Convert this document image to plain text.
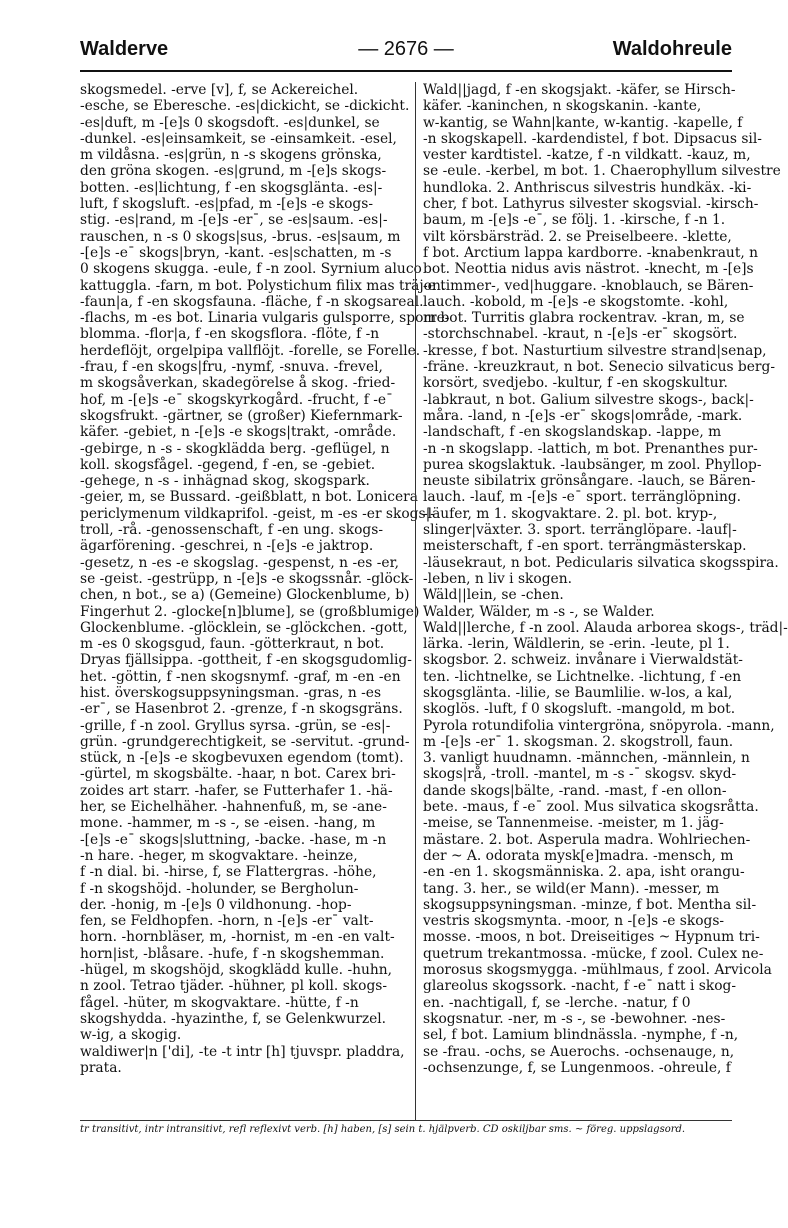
Walderve	— 2676 —	Waldohreule
skogsmedel. -erve [v], f, se Ackereichel.
-esche, se Eberesche. -es|dickicht, se -dickicht.
-es|duft, m -[e]s 0 skogsdoft. -es|dunkel, se
-dunkel. -es|einsamkeit, se -einsamkeit. -esel,
m vildåsna. -es|grün, n -s skogens grönska,
den gröna skogen. -es|grund, m -[e]s skogs-
botten. -es|lichtung, f -en skogsglänta. -es|-
luft, f skogsluft. -es|pfad, m -[e]s -e skogs-
stig. -es|rand, m -[e]s -erˉ, se -es|saum. -es|-
rauschen, n -s 0 skogs|sus, -brus. -es|saum, m
-[e]s -eˉ skogs|bryn, -kant. -es|schatten, m -s
0 skogens skugga. -eule, f -n zool. Syrnium aluco
kattuggla. -farn, m bot. Polystichum filix mas träjon.
-faun|a, f -en skogsfauna. -fläche, f -n skogsareal.
-flachs, m -es bot. Linaria vulgaris gulsporre, sporre-
blomma. -flor|a, f -en skogsflora. -flöte, f -n
herdeflöjt, orgelpipa vallflöjt. -forelle, se Forelle.
-frau, f -en skogs|fru, -nymf, -snuva. -frevel,
m skogsåverkan, skadegörelse å skog. -fried-
hof, m -[e]s -eˉ skogskyrkogård. -frucht, f -eˉ
skogsfrukt. -gärtner, se (großer) Kiefernmark-
käfer. -gebiet, n -[e]s -e skogs|trakt, -område.
-gebirge, n -s - skogklädda berg. -geflügel, n
koll. skogsfågel. -gegend, f -en, se -gebiet.
-gehege, n -s - inhägnad skog, skogspark.
-geier, m, se Bussard. -geißblatt, n bot. Lonicera
periclymenum vildkaprifol. -geist, m -es -er skogs|-
troll, -rå. -genossenschaft, f -en ung. skogs-
ägarförening. -geschrei, n -[e]s -e jaktrop.
-gesetz, n -es -e skogslag. -gespenst, n -es -er,
se -geist. -gestrüpp, n -[e]s -e skogssnår. -glöck-
chen, n bot., se a) (Gemeine) Glockenblume, b)
Fingerhut 2. -glocke[n]blume], se (großblumige)
Glockenblume. -glöcklein, se -glöckchen. -gott,
m -es 0 skogsgud, faun. -götterkraut, n bot.
Dryas fjällsippa. -gottheit, f -en skogsgudomlig-
het. -göttin, f -nen skogsnymf. -graf, m -en -en
hist. överskogsuppsyningsman. -gras, n -es
-erˉ, se Hasenbrot 2. -grenze, f -n skogsgräns.
-grille, f -n zool. Gryllus syrsa. -grün, se -es|-
grün. -grundgerechtigkeit, se -servitut. -grund-
stück, n -[e]s -e skogbevuxen egendom (tomt).
-gürtel, m skogsbälte. -haar, n bot. Carex bri-
zoides art starr. -hafer, se Futterhafer 1. -hä-
her, se Eichelhäher. -hahnenfuß, m, se -ane-
mone. -hammer, m -s -, se -eisen. -hang, m
-[e]s -eˉ skogs|sluttning, -backe. -hase, m -n
-n hare. -heger, m skogvaktare. -heinze,
f -n dial. bi. -hirse, f, se Flattergras. -höhe,
f -n skogshöjd. -holunder, se Bergholun-
der. -honig, m -[e]s 0 vildhonung. -hop-
fen, se Feldhopfen. -horn, n -[e]s -erˉ valt-
horn. -hornbläser, m, -hornist, m -en -en valt-
horn|ist, -blåsare. -hufe, f -n skogshemman.
-hügel, m skogshöjd, skogklädd kulle. -huhn,
n zool. Tetrao tjäder. -hühner, pl koll. skogs-
fågel. -hüter, m skogvaktare. -hütte, f -n
skogshydda. -hyazinthe, f, se Gelenkwurzel.
w-ig, a skogig.
waldiwer|n ['di], -te -t intr [h] tjuvspr. pladdra,
prata.
Wald||jagd, f -en skogsjakt. -käfer, se Hirsch-
käfer. -kaninchen, n skogskanin. -kante,
w-kantig, se Wahn|kante, w-kantig. -kapelle, f
-n skogskapell. -kardendistel, f bot. Dipsacus sil-
vester kardtistel. -katze, f -n vildkatt. -kauz, m,
se -eule. -kerbel, m bot. 1. Chaerophyllum silvestre
hundloka. 2. Anthriscus silvestris hundkäx. -ki-
cher, f bot. Lathyrus silvester skogsvial. -kirsch-
baum, m -[e]s -eˉ, se följ. 1. -kirsche, f -n 1.
vilt körsbärsträd. 2. se Preiselbeere. -klette,
f bot. Arctium lappa kardborre. -knabenkraut, n
bot. Neottia nidus avis nästrot. -knecht, m -[e]s
-e timmer-, ved|huggare. -knoblauch, se Bären-
lauch. -kobold, m -[e]s -e skogstomte. -kohl,
m bot. Turritis glabra rockentrav. -kran, m, se
-storchschnabel. -kraut, n -[e]s -erˉ skogsört.
-kresse, f bot. Nasturtium silvestre strand|senap,
-fräne. -kreuzkraut, n bot. Senecio silvaticus berg-
korsört, svedjebo. -kultur, f -en skogskultur.
-labkraut, n bot. Galium silvestre skogs-, back|-
måra. -land, n -[e]s -erˉ skogs|område, -mark.
-landschaft, f -en skogslandskap. -lappe, m
-n -n skogslapp. -lattich, m bot. Prenanthes pur-
purea skogslaktuk. -laubsänger, m zool. Phyllop-
neuste sibilatrix grönsångare. -lauch, se Bären-
lauch. -lauf, m -[e]s -eˉ sport. terränglöpning.
-läufer, m 1. skogvaktare. 2. pl. bot. kryp-,
slinger|växter. 3. sport. terränglöpare. -lauf|-
meisterschaft, f -en sport. terrängmästerskap.
-läusekraut, n bot. Pedicularis silvatica skogsspira.
-leben, n liv i skogen.
Wäld||lein, se -chen.
Walder, Wälder, m -s -, se Walder.
Wald||lerche, f -n zool. Alauda arborea skogs-, träd|-
lärka. -lerin, Wäldlerin, se -erin. -leute, pl 1.
skogsbor. 2. schweiz. invånare i Vierwaldstät-
ten. -lichtnelke, se Lichtnelke. -lichtung, f -en
skogsglänta. -lilie, se Baumlilie. w-los, a kal,
skoglös. -luft, f 0 skogsluft. -mangold, m bot.
Pyrola rotundifolia vintergröna, snöpyrola. -mann,
m -[e]s -erˉ 1. skogsman. 2. skogstroll, faun.
3. vanligt huudnamn. -männchen, -männlein, n
skogs|rå, -troll. -mantel, m -s -ˉ skogsv. skyd-
dande skogs|bälte, -rand. -mast, f -en ollon-
bete. -maus, f -eˉ zool. Mus silvatica skogsråtta.
-meise, se Tannenmeise. -meister, m 1. jäg-
mästare. 2. bot. Asperula madra. Wohlriechen-
der ~ A. odorata mysk[e]madra. -mensch, m
-en -en 1. skogsmänniska. 2. apa, isht orangu-
tang. 3. her., se wild(er Mann). -messer, m
skogsuppsyningsman. -minze, f bot. Mentha sil-
vestris skogsmynta. -moor, n -[e]s -e skogs-
mosse. -moos, n bot. Dreiseitiges ~ Hypnum tri-
quetrum trekantmossa. -mücke, f zool. Culex ne-
morosus skogsmygga. -mühlmaus, f zool. Arvicola
glareolus skogssork. -nacht, f -eˉ natt i skog-
en. -nachtigall, f, se -lerche. -natur, f 0
skogsnatur. -ner, m -s -, se -bewohner. -nes-
sel, f bot. Lamium blindnässla. -nymphe, f -n,
se -frau. -ochs, se Auerochs. -ochsenauge, n,
-ochsenzunge, f, se Lungenmoos. -ohreule, f
tr transitivt, intr intransitivt, refl reflexivt verb. [h] haben, [s] sein t. hjälpverb. CD oskiljbar sms. ~ föreg. uppslagsord.
